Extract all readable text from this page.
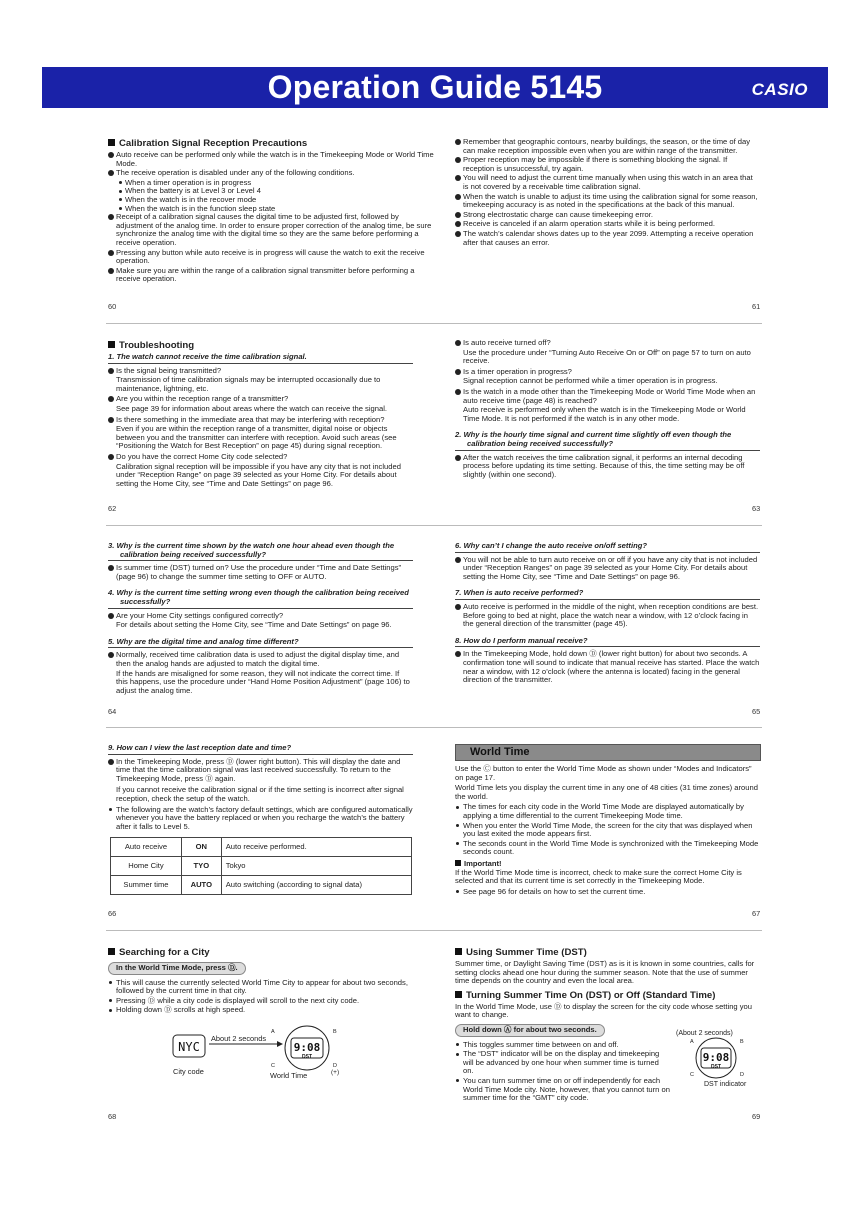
Operation Guide 5145	CASIO
Calibration Signal Reception Precautions
Auto receive can be performed only while the watch is in the Timekeeping Mode or World Time Mode.
The receive operation is disabled under any of the following conditions.
When a timer operation is in progress
When the battery is at Level 3 or Level 4
When the watch is in the recover mode
When the watch is in the function sleep state
Receipt of a calibration signal causes the digital time to be adjusted first, followed by adjustment of the analog time. In order to ensure proper correction of the analog time, be sure synchronize the analog time with the digital time so they are the same before performing a receive operation.
Pressing any button while auto receive is in progress will cause the watch to exit the receive operation.
Make sure you are within the range of a calibration signal transmitter before performing a receive operation.
60
Remember that geographic contours, nearby buildings, the season, or the time of day can make reception impossible even when you are within range of the transmitter.
Proper reception may be impossible if there is something blocking the signal. If reception is unsuccessful, try again.
You will need to adjust the current time manually when using this watch in an area that is not covered by a receivable time calibration signal.
When the watch is unable to adjust its time using the calibration signal for some reason, timekeeping accuracy is as noted in the specifications at the back of this manual.
Strong electrostatic charge can cause timekeeping error.
Receive is canceled if an alarm operation starts while it is being performed.
The watch’s calendar shows dates up to the year 2099. Attempting a receive operation after that causes an error.
61
Troubleshooting
1. The watch cannot receive the time calibration signal.
Is the signal being transmitted?
Transmission of time calibration signals may be interrupted occasionally due to maintenance, lightning, etc.
Are you within the reception range of a transmitter?
See page 39 for information about areas where the watch can receive the signal.
Is there something in the immediate area that may be interfering with reception?
Even if you are within the reception range of a transmitter, digital noise or objects between you and the transmitter can interfere with reception. Avoid such areas (see “Positioning the Watch for Best Reception” on page 45) during signal reception.
Do you have the correct Home City code selected?
Calibration signal reception will be impossible if you have any city that is not included under “Reception Range” on page 39 selected as your Home City. For details about setting the Home City, see “Time and Date Settings” on page 96.
62
Is auto receive turned off?
Use the procedure under “Turning Auto Receive On or Off” on page 57 to turn on auto receive.
Is a timer operation in progress?
Signal reception cannot be performed while a timer operation is in progress.
Is the watch in a mode other than the Timekeeping Mode or World Time Mode when an auto receive time (page 48) is reached?
Auto receive is performed only when the watch is in the Timekeeping Mode or World Time Mode. It is not performed if the watch is in any other mode.
2. Why is the hourly time signal and current time slightly off even though the calibration being received successfully?
After the watch receives the time calibration signal, it performs an internal decoding process before updating its time setting. Because of this, the time setting may be off slightly (within one second).
63
3. Why is the current time shown by the watch one hour ahead even though the calibration being received successfully?
Is summer time (DST) turned on? Use the procedure under “Time and Date Settings” (page 96) to change the summer time setting to OFF or AUTO.
4. Why is the current time setting wrong even though the calibration being received successfully?
Are your Home City settings configured correctly?
For details about setting the Home City, see “Time and Date Settings” on page 96.
5. Why are the digital time and analog time different?
Normally, received time calibration data is used to adjust the digital display time, and then the analog hands are adjusted to match the digital time.
If the hands are misaligned for some reason, they will not indicate the correct time. If this happens, use the procedure under “Hand Home Position Adjustment” (page 106) to adjust the analog time.
64
6. Why can’t I change the auto receive on/off setting?
You will not be able to turn auto receive on or off if you have any city that is not included under “Reception Ranges” on page 39 selected as your Home City. For details about setting the Home City, see “Time and Date Settings” on page 96.
7. When is auto receive performed?
Auto receive is performed in the middle of the night, when reception conditions are best. Before going to bed at night, place the watch near a window, with 12 o’clock facing in the general direction of the transmitter (page 45).
8. How do I perform manual receive?
In the Timekeeping Mode, hold down Ⓓ (lower right button) for about two seconds. A confirmation tone will sound to indicate that manual receive has started. Place the watch near a window, with 12 o’clock (where the antenna is located) facing in the general direction of the transmitter.
65
9. How can I view the last reception date and time?
In the Timekeeping Mode, press Ⓓ (lower right button). This will display the date and time that the time calibration signal was last received successfully. To return to the Timekeeping Mode, press Ⓓ again.
If you cannot receive the calibration signal or if the time setting is incorrect after signal reception, check the setup of the watch.
The following are the watch’s factory default settings, which are configured automatically whenever you have the battery replaced or when you recharge the watch’s the battery after it falls to Level 5.
Auto receive	ON	Auto receive performed.
Home City	TYO	Tokyo
Summer time	AUTO	Auto switching (according to signal data)
66
World Time
Use the Ⓒ button to enter the World Time Mode as shown under “Modes and Indicators” on page 17.
World Time lets you display the current time in any one of 48 cities (31 time zones) around the world.
The times for each city code in the World Time Mode are displayed automatically by applying a time differential to the current Timekeeping Mode time.
When you enter the World Time Mode, the screen for the city that was displayed when you last exited the mode appears first.
The seconds count in the World Time Mode is synchronized with the Timekeeping Mode seconds count.
Important!
If the World Time Mode time is incorrect, check to make sure the correct Home City is selected and that its current time is set correctly in the Timekeeping Mode.
See page 96 for details on how to set the current time.
67
Searching for a City
In the World Time Mode, press Ⓓ.
This will cause the currently selected World Time City to appear for about two seconds, followed by the current time in that city.
Pressing Ⓓ while a city code is displayed will scroll to the next city code.
Holding down Ⓓ scrolls at high speed.
NYC
About 2 seconds
9:08
DST
A	B
C	D
(+)
City code	World Time
68
Using Summer Time (DST)
Summer time, or Daylight Saving Time (DST) as is it is known in some countries, calls for setting clocks ahead one hour during the summer season. Note that the use of summer time depends on the country and even the local area.
Turning Summer Time On (DST) or Off (Standard Time)
In the World Time Mode, use Ⓓ to display the screen for the city code whose setting you want to change.
Hold down Ⓐ for about two seconds.
This toggles summer time between on and off.
The “DST” indicator will be on the display and timekeeping will be advanced by one hour when summer time is turned on.
You can turn summer time on or off independently for each World Time Mode city. Note, however, that you cannot turn on summer time for the “GMT” city code.
(About 2 seconds)
9:08
DST
A	B
C	D
DST indicator
69
